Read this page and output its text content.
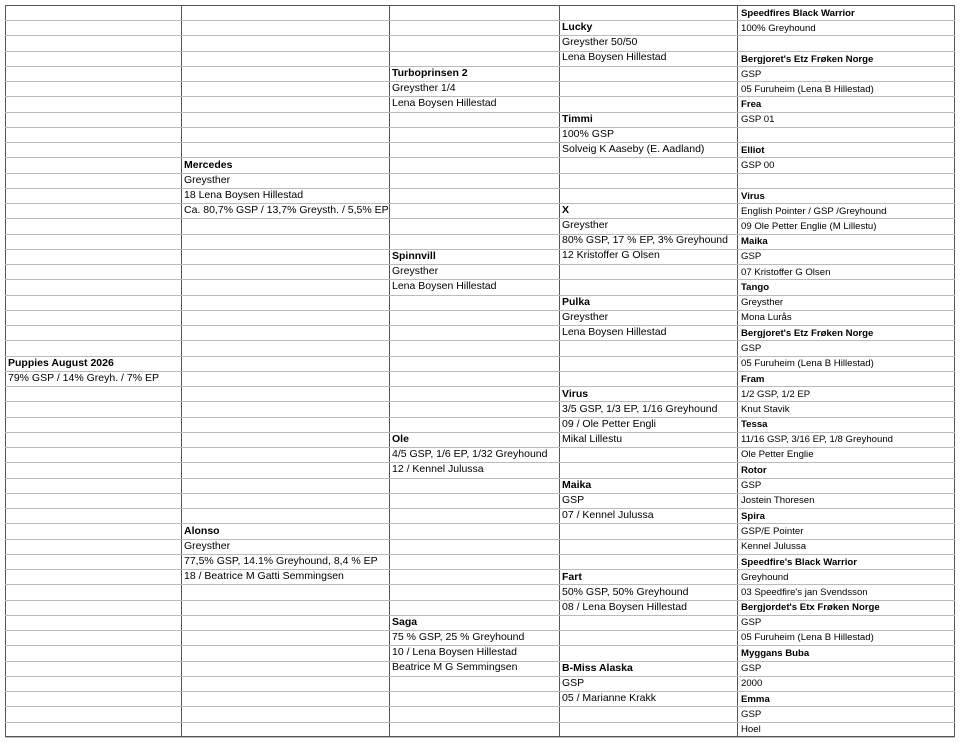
Puppies August 2026
79% GSP / 14% Greyh. / 7% EP
Mercedes
Greysther
18 Lena Boysen Hillestad
Ca. 80,7% GSP / 13,7% Greysth. / 5,5% EP
Alonso
Greysther
77,5% GSP, 14.1% Greyhound, 8,4 % EP
18 / Beatrice M Gatti Semmingsen
Turboprinsen 2
Greysther 1/4
Lena Boysen Hillestad
Spinnvill
Greysther
Lena Boysen Hillestad
Ole
4/5 GSP, 1/6 EP, 1/32 Greyhound
12 / Kennel Julussa
Saga
75 % GSP, 25 % Greyhound
10 / Lena Boysen Hillestad
Beatrice M G Semmingsen
Lucky
Greysther 50/50
Lena Boysen Hillestad
Timmi
100% GSP
Solveig K Aaseby (E. Aadland)
X
Greysther
80% GSP, 17 % EP, 3% Greyhound
12 Kristoffer G Olsen
Pulka
Greysther
Lena Boysen Hillestad
Virus
3/5 GSP, 1/3 EP, 1/16 Greyhound
09 / Ole Petter Engli
Mikal Lillestu
Maika
GSP
07 / Kennel Julussa
Fart
50% GSP, 50% Greyhound
08 / Lena Boysen Hillestad
B-Miss Alaska
GSP
05 / Marianne Krakk
Speedfires Black Warrior
100% Greyhound
Bergjoret's Etz Frøken Norge
GSP
05 Furuheim (Lena B Hillestad)
Frea
GSP 01
Elliot
GSP 00
Virus
English Pointer / GSP /Greyhound
09 Ole Petter Englie (M Lillestu)
Maika
GSP
07 Kristoffer G Olsen
Tango
Greysther
Mona Lurås
Bergjoret's Etz Frøken Norge
GSP
05 Furuheim (Lena B Hillestad)
Fram
1/2 GSP, 1/2 EP
Knut Stavik
Tessa
11/16 GSP, 3/16 EP, 1/8 Greyhound
Ole Petter Englie
Rotor
GSP
Jostein Thoresen
Spira
GSP/E Pointer
Kennel Julussa
Speedfire's Black Warrior
Greyhound
03 Speedfire's jan Svendsson
Bergjordet's Etx Frøken Norge
GSP
05 Furuheim (Lena B Hillestad)
Myggans Buba
GSP
2000
Emma
GSP
Hoel
